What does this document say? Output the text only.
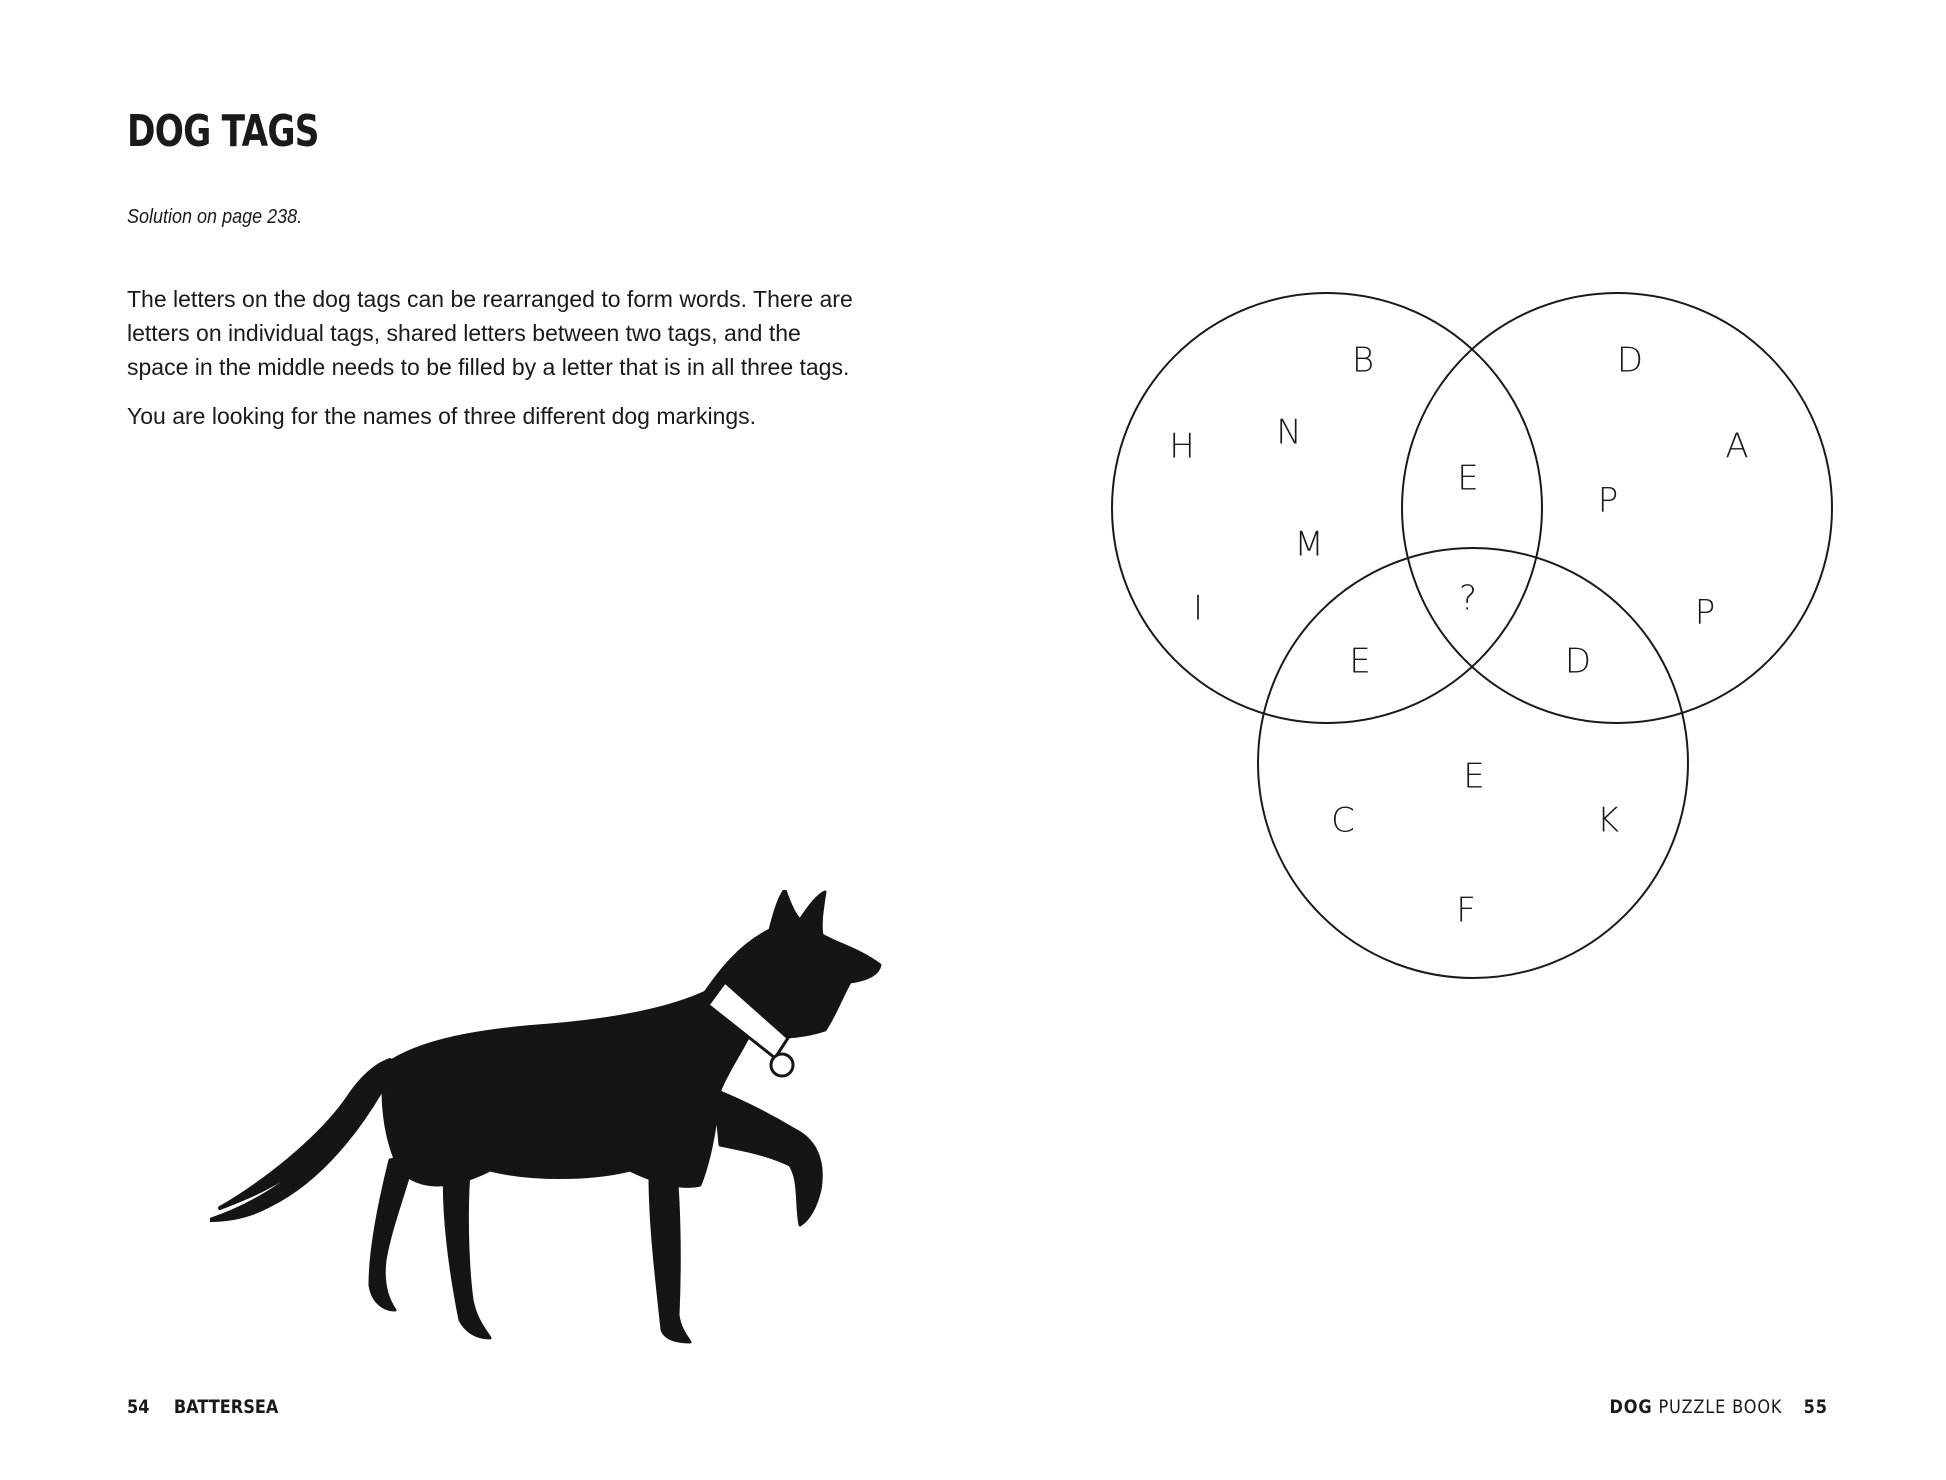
DOG TAGS

Solution on page 238.

The letters on the dog tags can be rearranged to form words. There are letters on individual tags, shared letters between two tags, and the space in the middle needs to be filled by a letter that is in all three tags.

You are looking for the names of three different dog markings.

B
H N
M
I
D
A
P
P
E
?
E	D
E
C	K
F
54 BATTERSEA	DOG PUZZLE BOOK 55
